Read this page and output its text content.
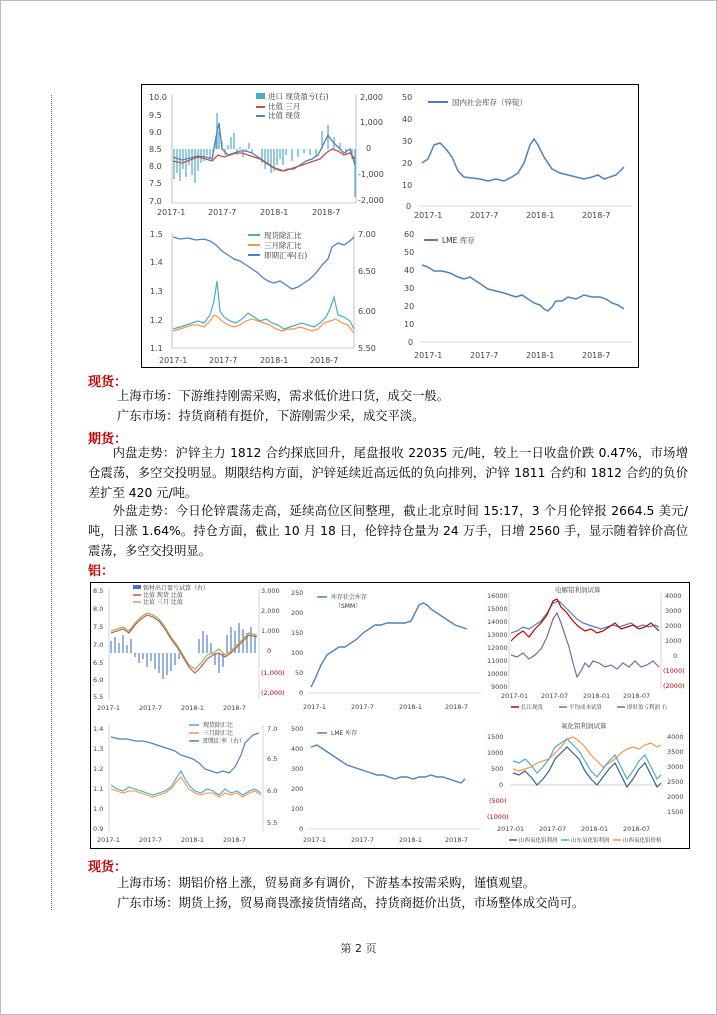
10.0
9.5
9.0
8.5
8.0
7.5
7.0
2,000
1,000
0
-1,000
-2,000
2017-1	2017-7	2018-1	2018-7
进口 现货盈亏(右)
比值 三月
比值 现货
50
40
30
20
10
0
2017-1	2017-7	2018-1	2018-7
国内社会库存（锌锭）
1.5
1.4
1.3
1.2
1.1
7.00
6.50
6.00
5.50
2017-1	2017-7	2018-1	2018-7
现货除汇比
三月除汇比
即期汇率(右)
60
50
40
30
20
10
0
2017-1	2017-7	2018-1	2018-7
LME 库存
现货：
上海市场：下游维持刚需采购，需求低价进口货，成交一般。
广东市场：持货商稍有挺价，下游刚需少采，成交平淡。
期货：
内盘走势：沪锌主力 1812 合约探底回升，尾盘报收 22035 元/吨，较上一日收盘价跌 0.47%，市场增仓震荡，多空交投明显。期限结构方面，沪锌延续近高远低的负向排列，沪锌 1811 合约和 1812 合约的负价差扩至 420 元/吨。
外盘走势：今日伦锌震荡走高，延续高位区间整理，截止北京时间 15:17，3 个月伦锌报 2664.5 美元/吨，日涨 1.64%。持仓方面，截止 10 月 18 日，伦锌持仓量为 24 万手，日增 2560 手，显示随着锌价高位震荡，多空交投明显。
铝：
8.5
8.0
7.5
7.0
6.5
6.0
5.5
3,000
2,000
1,000
0
(1,000)
(2,000)
2017-1	2017-7	2018-1	2018-7
锡材出口盈亏试算（右）
比值 现货 比值
比值 三月 比值
250
200
150
100
50
0
2017-1	2017-7	2018-1	2018-7
库存社会库存
（SMM）
电解铝利润试算
16000
15000
14000
13000
12000
11000
10000
9000
4000
3000
2000
1000
0
(1000)
(2000)
2017-01 2017-07 2018-01 2018-07
长江现货	平均成本试算	即时盈亏利润 右
1.4
1.3
1.2
1.1
1.0
0.9
7.0
6.5
6.0
5.5
2017-1	2017-7	2018-1	2018-7
现货除汇比
三月除汇比
即期汇率（右）
500
400
300
200
100
0
2017-1	2017-7	2018-1	2018-7
LME 库存
氧化铝利润试算
1500
1000
500
0
(500)
(1000)
4000
3500
3000
2500
2000
1500
2017-01 2017-07 2018-01 2018-07
山西氧化铝利润 山东氧化铝利润 山西氧化铝价格
现货：
上海市场：期铝价格上涨，贸易商多有调价，下游基本按需采购，谨慎观望。
广东市场：期货上扬，贸易商畏涨接货情绪高，持货商挺价出货，市场整体成交尚可。
第 2 页
